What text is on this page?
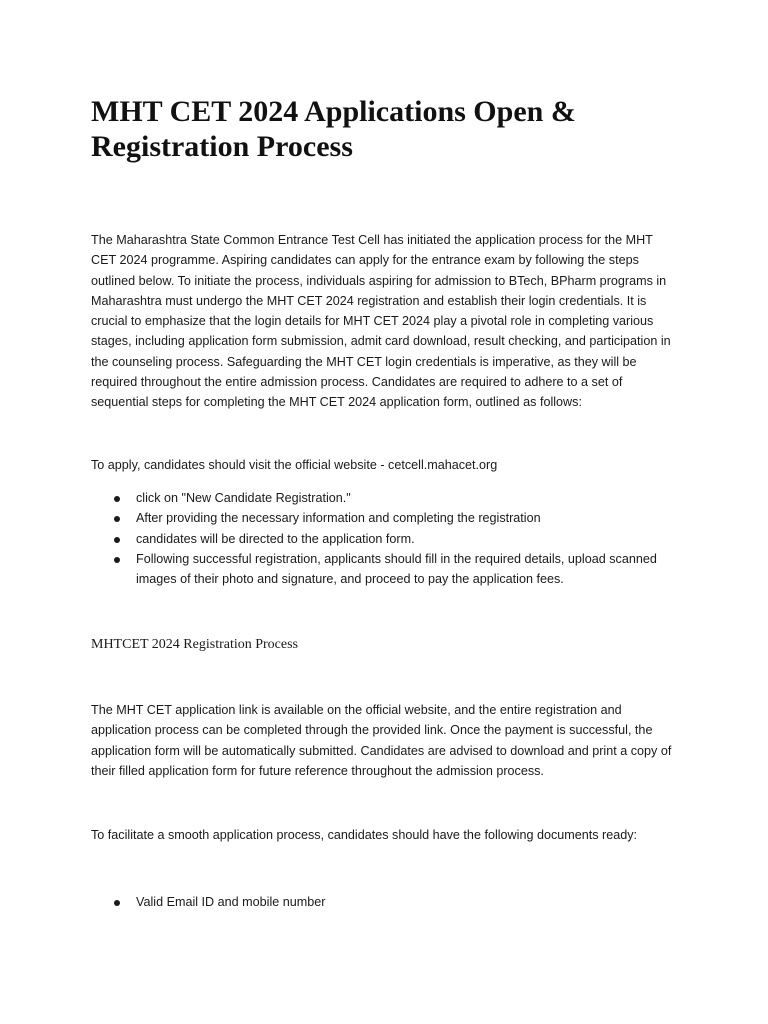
MHT CET 2024 Applications Open & Registration Process

The Maharashtra State Common Entrance Test Cell has initiated the application process for the MHT CET 2024 programme. Aspiring candidates can apply for the entrance exam by following the steps outlined below. To initiate the process, individuals aspiring for admission to BTech, BPharm programs in Maharashtra must undergo the MHT CET 2024 registration and establish their login credentials. It is crucial to emphasize that the login details for MHT CET 2024 play a pivotal role in completing various stages, including application form submission, admit card download, result checking, and participation in the counseling process. Safeguarding the MHT CET login credentials is imperative, as they will be required throughout the entire admission process. Candidates are required to adhere to a set of sequential steps for completing the MHT CET 2024 application form, outlined as follows:

To apply, candidates should visit the official website - cetcell.mahacet.org

click on "New Candidate Registration."
After providing the necessary information and completing the registration
candidates will be directed to the application form.
Following successful registration, applicants should fill in the required details, upload scanned images of their photo and signature, and proceed to pay the application fees.
MHTCET 2024 Registration Process

The MHT CET application link is available on the official website, and the entire registration and application process can be completed through the provided link. Once the payment is successful, the application form will be automatically submitted. Candidates are advised to download and print a copy of their filled application form for future reference throughout the admission process.

To facilitate a smooth application process, candidates should have the following documents ready:

Valid Email ID and mobile number
